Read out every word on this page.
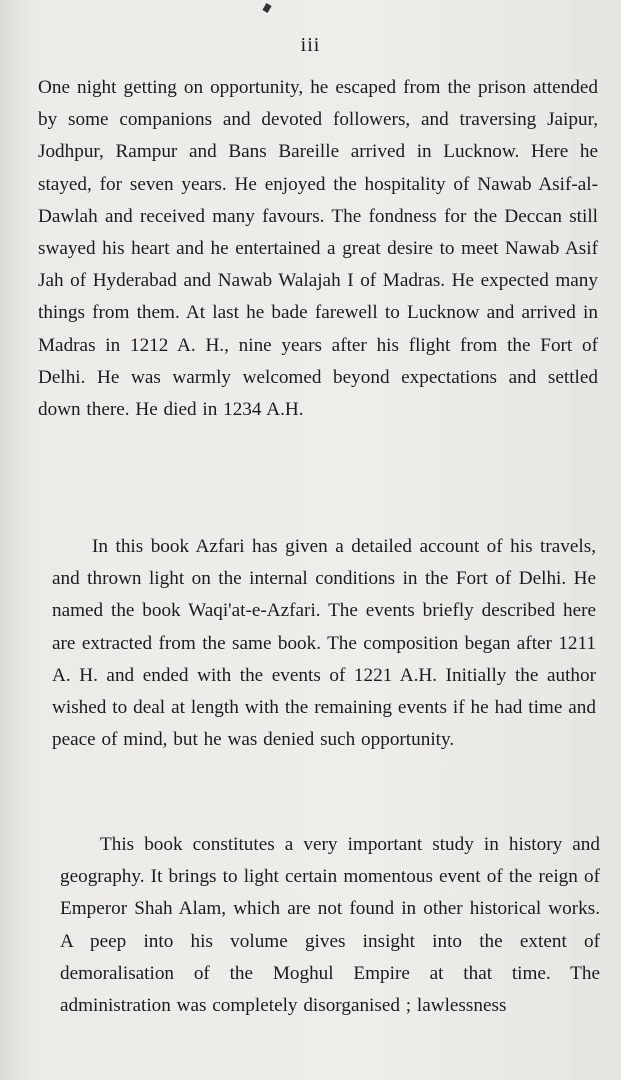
iii

One night getting on opportunity, he escaped from the prison attended by some companions and devoted followers, and traversing Jaipur, Jodhpur, Rampur and Bans Bareille arrived in Lucknow. Here he stayed, for seven years. He enjoyed the hospitality of Nawab Asif-al-Dawlah and received many favours. The fondness for the Deccan still swayed his heart and he entertained a great desire to meet Nawab Asif Jah of Hyderabad and Nawab Walajah I of Madras. He expected many things from them. At last he bade farewell to Lucknow and arrived in Madras in 1212 A. H., nine years after his flight from the Fort of Delhi. He was warmly welcomed beyond expectations and settled down there. He died in 1234 A.H.

In this book Azfari has given a detailed account of his travels, and thrown light on the internal conditions in the Fort of Delhi. He named the book Waqi'at-e-Azfari. The events briefly described here are extracted from the same book. The composition began after 1211 A. H. and ended with the events of 1221 A.H. Initially the author wished to deal at length with the remaining events if he had time and peace of mind, but he was denied such opportunity.

This book constitutes a very important study in history and geography. It brings to light certain momentous event of the reign of Emperor Shah Alam, which are not found in other historical works. A peep into his volume gives insight into the extent of demoralisation of the Moghul Empire at that time. The administration was completely disorganised ; lawlessness
